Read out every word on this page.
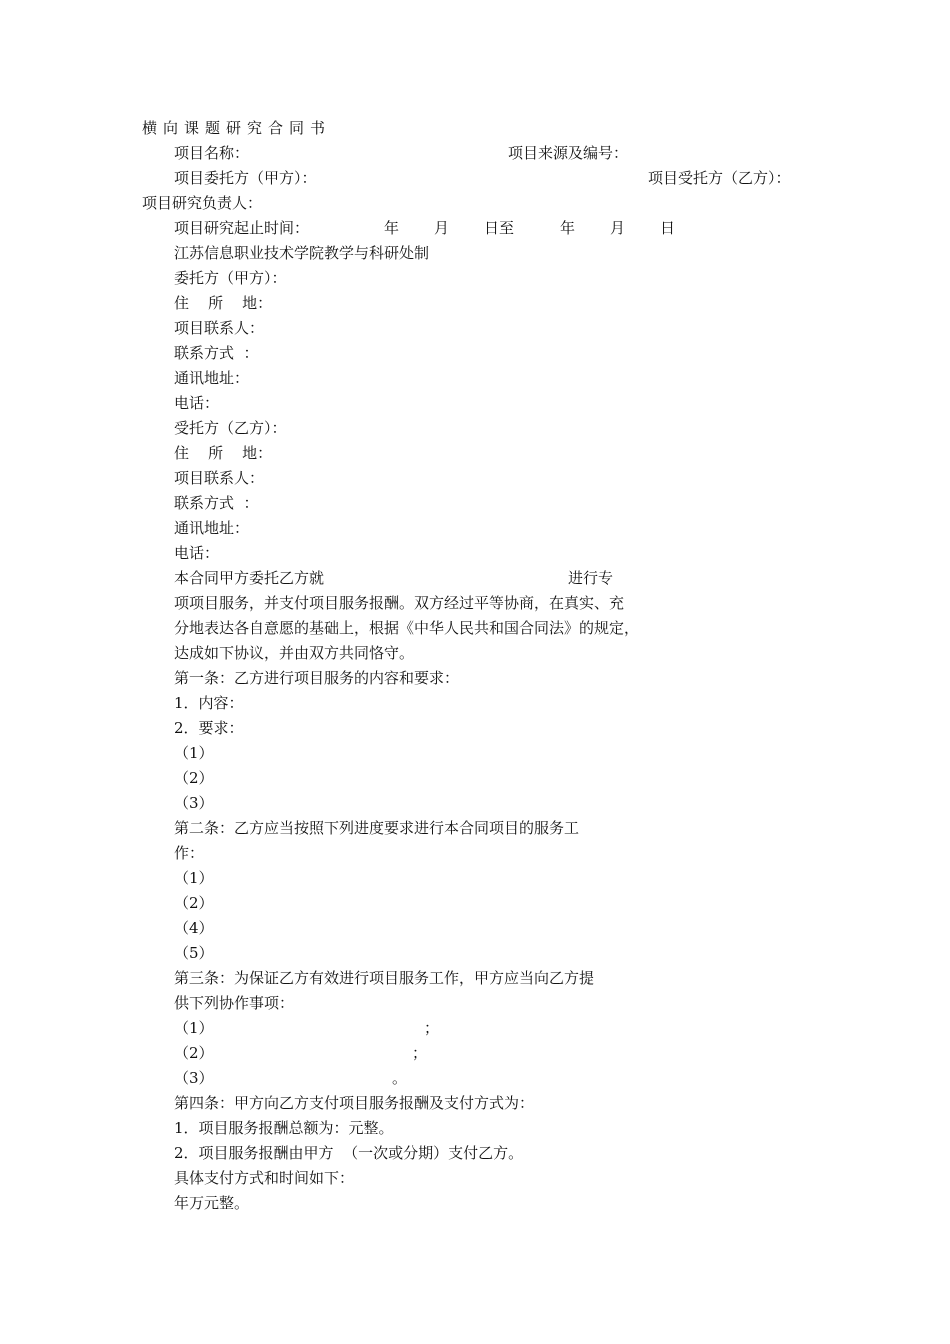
横向课题研究合同书
项目名称：	项目来源及编号：
项目委托方（甲方）：	项目受托方（乙方）：
项目研究负责人：
项目研究起止时间：	年 月 日至	年 月 日
江苏信息职业技术学院教学与科研处制
委托方（甲方）：
住    所    地：
项目联系人：
联系方式  ：
通讯地址：
电话：
受托方（乙方）：
住    所    地：
项目联系人：
联系方式  ：
通讯地址：
电话：
本合同甲方委托乙方就	进行专
项项目服务，并支付项目服务报酬。双方经过平等协商，在真实、充
分地表达各自意愿的基础上，根据《中华人民共和国合同法》的规定，
达成如下协议，并由双方共同恪守。
第一条：乙方进行项目服务的内容和要求：
1．内容：
2．要求：
（1）
（2）
（3）
第二条：乙方应当按照下列进度要求进行本合同项目的服务工
作：
（1）
（2）
（4）
（5）
第三条：为保证乙方有效进行项目服务工作，甲方应当向乙方提
供下列协作事项：
（1）	；
（2）	；
（3）	。
第四条：甲方向乙方支付项目服务报酬及支付方式为：
1．项目服务报酬总额为：元整。
2．项目服务报酬由甲方  （一次或分期）支付乙方。
具体支付方式和时间如下：
年万元整。
